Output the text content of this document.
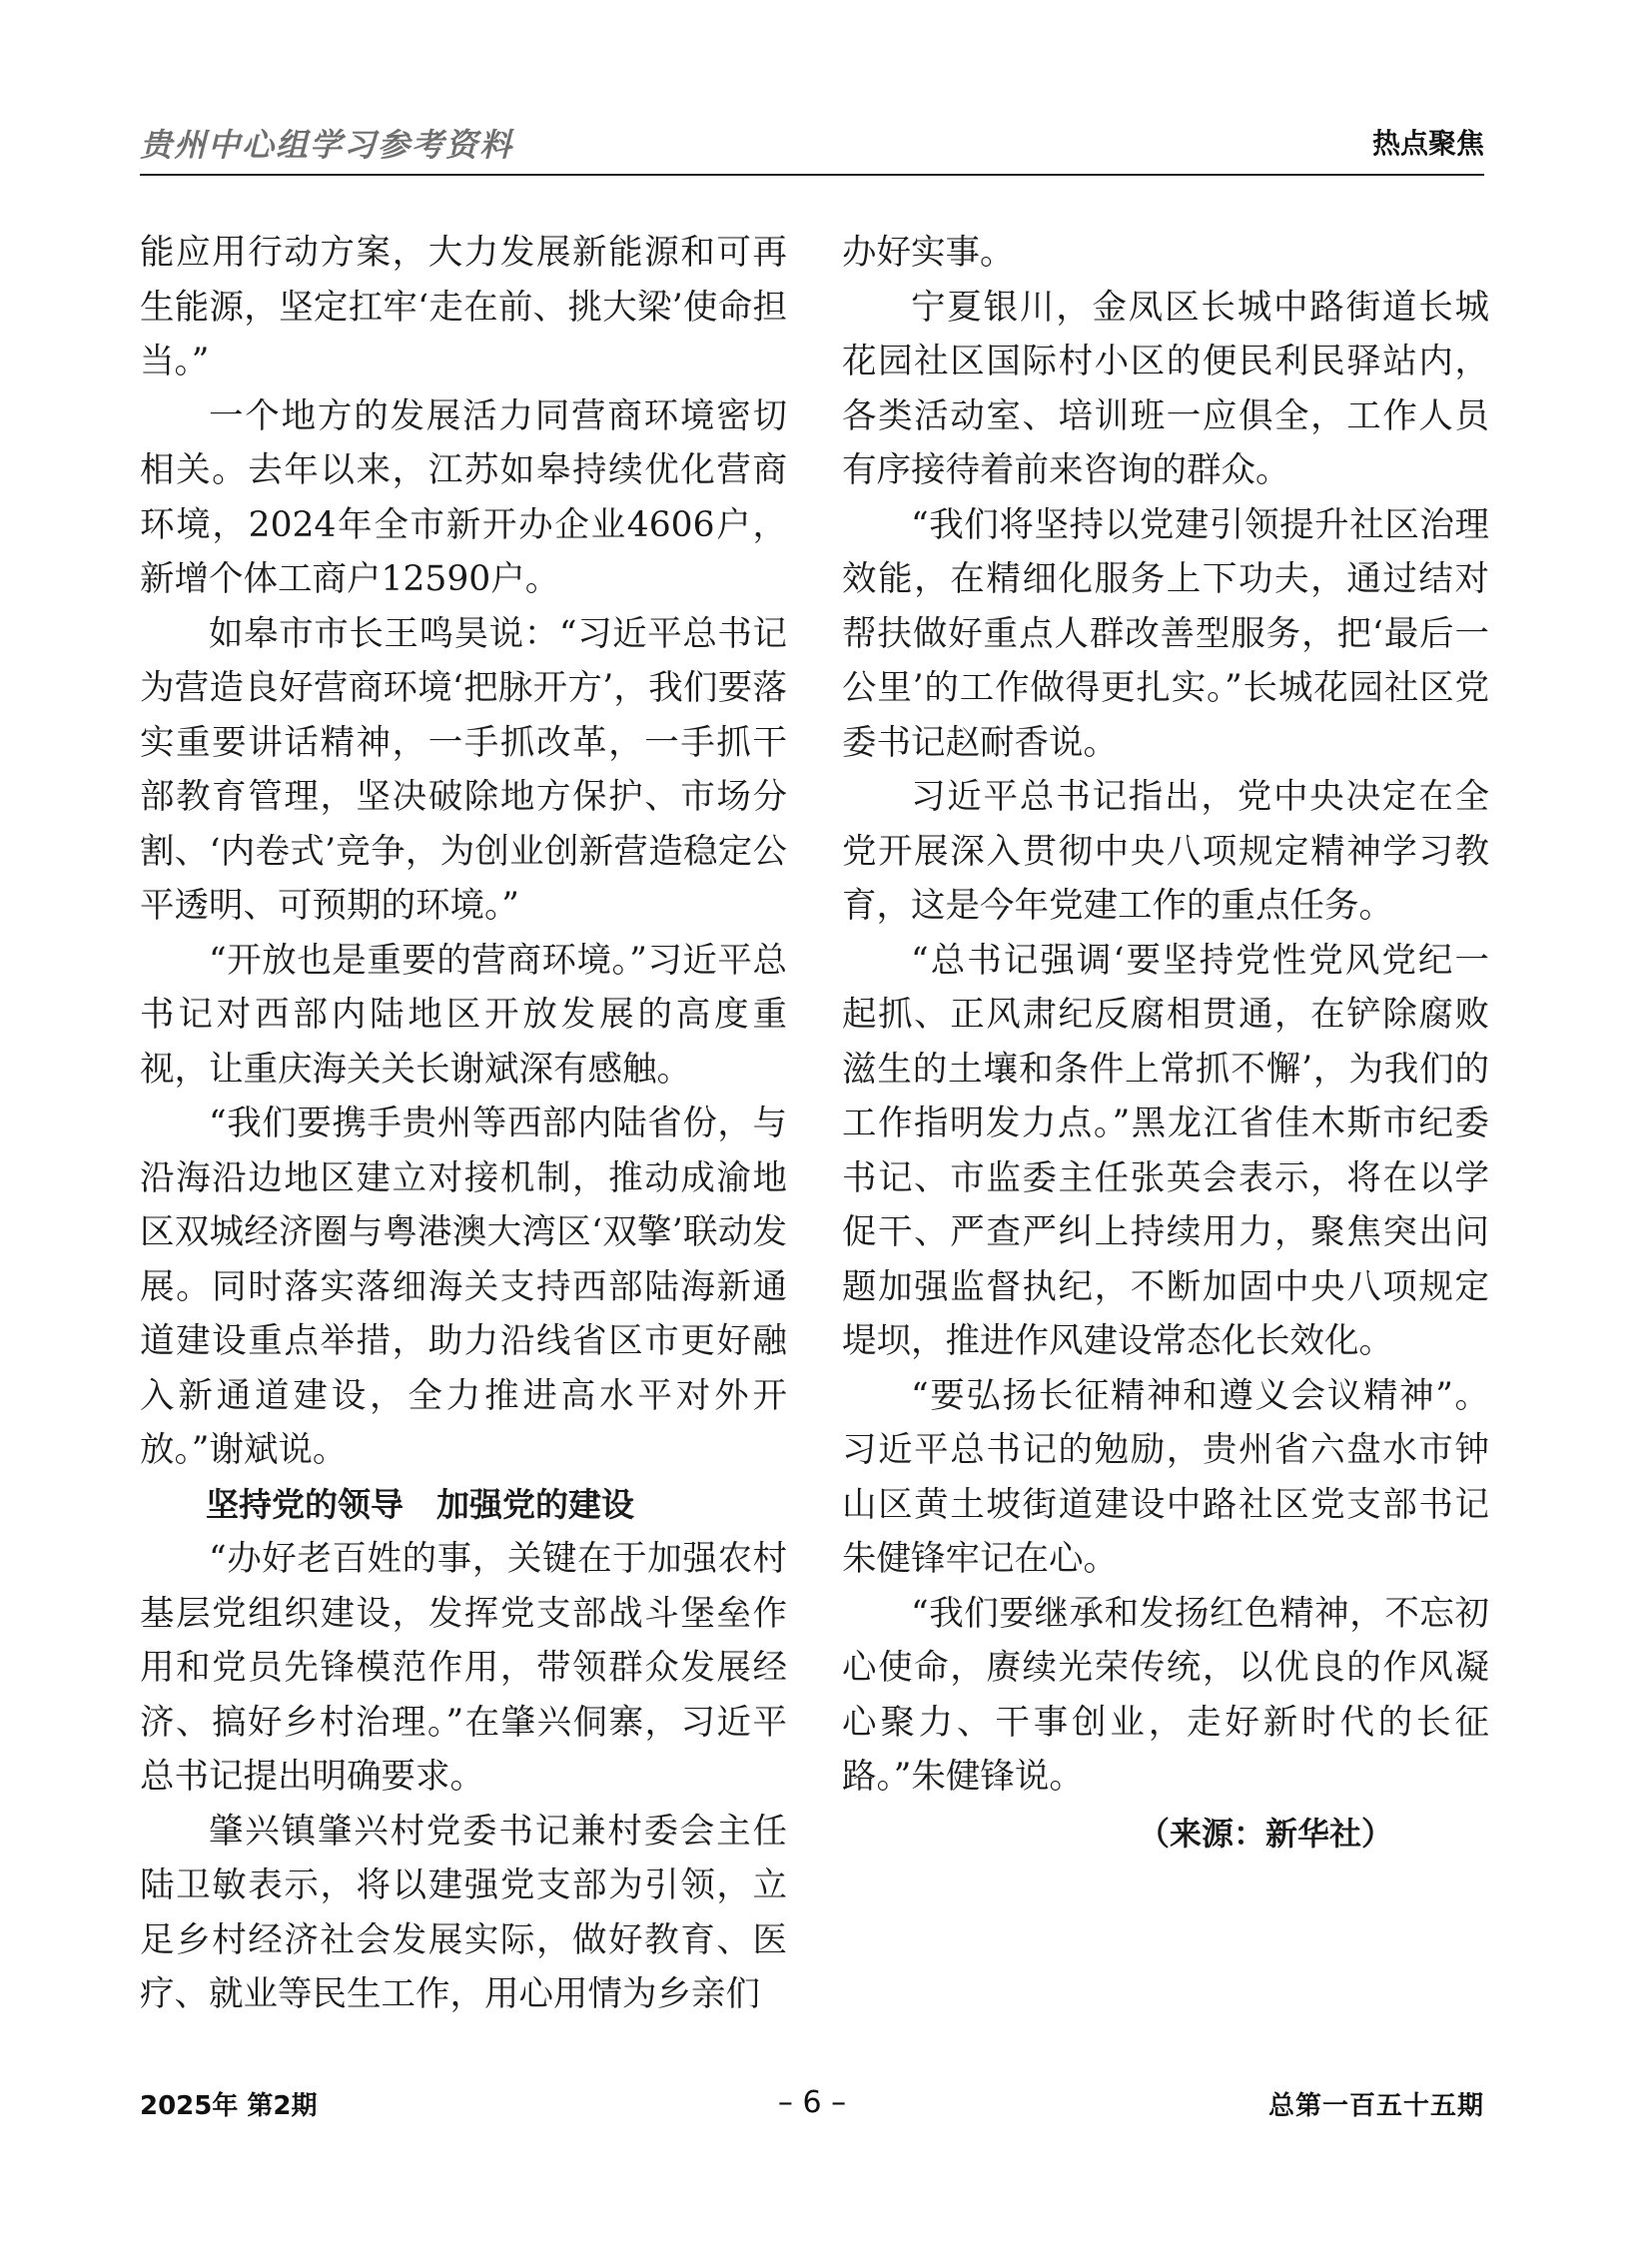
贵州中心组学习参考资料	热点聚焦

能应用行动方案，大力发展新能源和可再生能源，坚定扛牢‘走在前、挑大梁’使命担当。”

一个地方的发展活力同营商环境密切相关。去年以来，江苏如皋持续优化营商环境，2024年全市新开办企业4606户，新增个体工商户12590户。

如皋市市长王鸣昊说：“习近平总书记为营造良好营商环境‘把脉开方’，我们要落实重要讲话精神，一手抓改革，一手抓干部教育管理，坚决破除地方保护、市场分割、‘内卷式’竞争，为创业创新营造稳定公平透明、可预期的环境。”

“开放也是重要的营商环境。”习近平总书记对西部内陆地区开放发展的高度重视，让重庆海关关长谢斌深有感触。

“我们要携手贵州等西部内陆省份，与沿海沿边地区建立对接机制，推动成渝地区双城经济圈与粤港澳大湾区‘双擎’联动发展。同时落实落细海关支持西部陆海新通道建设重点举措，助力沿线省区市更好融入新通道建设，全力推进高水平对外开放。”谢斌说。

坚持党的领导　加强党的建设

“办好老百姓的事，关键在于加强农村基层党组织建设，发挥党支部战斗堡垒作用和党员先锋模范作用，带领群众发展经济、搞好乡村治理。”在肇兴侗寨，习近平总书记提出明确要求。

肇兴镇肇兴村党委书记兼村委会主任陆卫敏表示，将以建强党支部为引领，立足乡村经济社会发展实际，做好教育、医疗、就业等民生工作，用心用情为乡亲们

办好实事。

宁夏银川，金凤区长城中路街道长城花园社区国际村小区的便民利民驿站内，各类活动室、培训班一应俱全，工作人员有序接待着前来咨询的群众。

“我们将坚持以党建引领提升社区治理效能，在精细化服务上下功夫，通过结对帮扶做好重点人群改善型服务，把‘最后一公里’的工作做得更扎实。”长城花园社区党委书记赵耐香说。

习近平总书记指出，党中央决定在全党开展深入贯彻中央八项规定精神学习教育，这是今年党建工作的重点任务。

“总书记强调‘要坚持党性党风党纪一起抓、正风肃纪反腐相贯通，在铲除腐败滋生的土壤和条件上常抓不懈’，为我们的工作指明发力点。”黑龙江省佳木斯市纪委书记、市监委主任张英会表示，将在以学促干、严查严纠上持续用力，聚焦突出问题加强监督执纪，不断加固中央八项规定堤坝，推进作风建设常态化长效化。

“要弘扬长征精神和遵义会议精神”。习近平总书记的勉励，贵州省六盘水市钟山区黄土坡街道建设中路社区党支部书记朱健锋牢记在心。

“我们要继承和发扬红色精神，不忘初心使命，赓续光荣传统，以优良的作风凝心聚力、干事创业，走好新时代的长征路。”朱健锋说。

（来源：新华社）

2025年 第2期	– 6 –	总第一百五十五期
